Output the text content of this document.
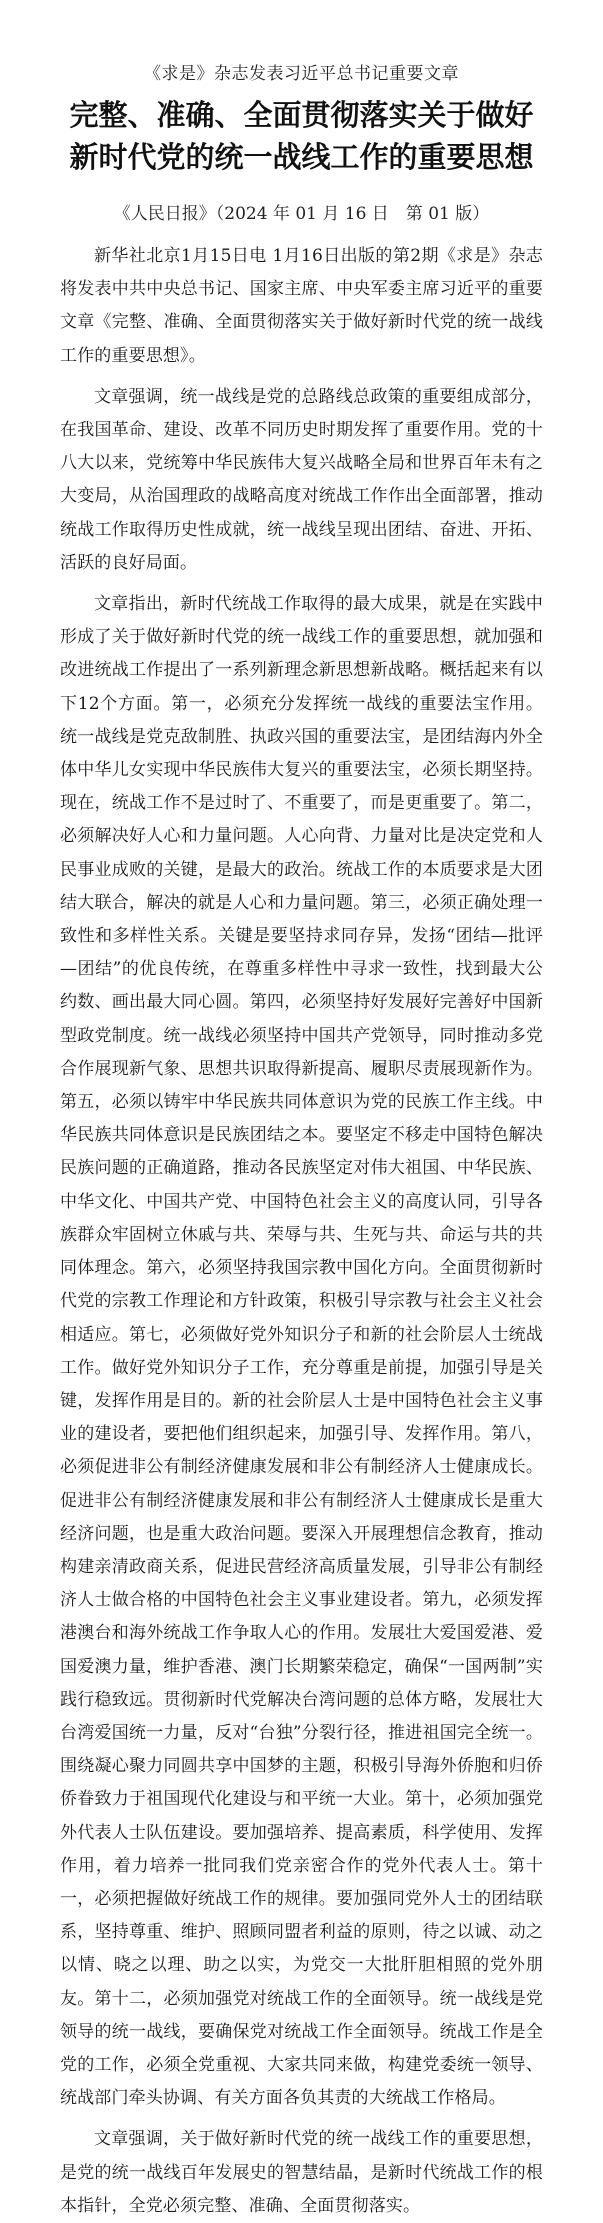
《求是》杂志发表习近平总书记重要文章
完整、准确、全面贯彻落实关于做好
新时代党的统一战线工作的重要思想
《人民日报》（2024 年 01 月 16 日　第 01 版）

新华社北京1月15日电 1月16日出版的第2期《求是》杂志将发表中共中央总书记、国家主席、中央军委主席习近平的重要文章《完整、准确、全面贯彻落实关于做好新时代党的统一战线工作的重要思想》。

文章强调，统一战线是党的总路线总政策的重要组成部分，在我国革命、建设、改革不同历史时期发挥了重要作用。党的十八大以来，党统筹中华民族伟大复兴战略全局和世界百年未有之大变局，从治国理政的战略高度对统战工作作出全面部署，推动统战工作取得历史性成就，统一战线呈现出团结、奋进、开拓、活跃的良好局面。

文章指出，新时代统战工作取得的最大成果，就是在实践中形成了关于做好新时代党的统一战线工作的重要思想，就加强和改进统战工作提出了一系列新理念新思想新战略。概括起来有以下12个方面。第一，必须充分发挥统一战线的重要法宝作用。统一战线是党克敌制胜、执政兴国的重要法宝，是团结海内外全体中华儿女实现中华民族伟大复兴的重要法宝，必须长期坚持。现在，统战工作不是过时了、不重要了，而是更重要了。第二，必须解决好人心和力量问题。人心向背、力量对比是决定党和人民事业成败的关键，是最大的政治。统战工作的本质要求是大团结大联合，解决的就是人心和力量问题。第三，必须正确处理一致性和多样性关系。关键是要坚持求同存异，发扬“团结—批评—团结”的优良传统，在尊重多样性中寻求一致性，找到最大公约数、画出最大同心圆。第四，必须坚持好发展好完善好中国新型政党制度。统一战线必须坚持中国共产党领导，同时推动多党合作展现新气象、思想共识取得新提高、履职尽责展现新作为。第五，必须以铸牢中华民族共同体意识为党的民族工作主线。中华民族共同体意识是民族团结之本。要坚定不移走中国特色解决民族问题的正确道路，推动各民族坚定对伟大祖国、中华民族、中华文化、中国共产党、中国特色社会主义的高度认同，引导各族群众牢固树立休戚与共、荣辱与共、生死与共、命运与共的共同体理念。第六，必须坚持我国宗教中国化方向。全面贯彻新时代党的宗教工作理论和方针政策，积极引导宗教与社会主义社会相适应。第七，必须做好党外知识分子和新的社会阶层人士统战工作。做好党外知识分子工作，充分尊重是前提，加强引导是关键，发挥作用是目的。新的社会阶层人士是中国特色社会主义事业的建设者，要把他们组织起来，加强引导、发挥作用。第八，必须促进非公有制经济健康发展和非公有制经济人士健康成长。促进非公有制经济健康发展和非公有制经济人士健康成长是重大经济问题，也是重大政治问题。要深入开展理想信念教育，推动构建亲清政商关系，促进民营经济高质量发展，引导非公有制经济人士做合格的中国特色社会主义事业建设者。第九，必须发挥港澳台和海外统战工作争取人心的作用。发展壮大爱国爱港、爱国爱澳力量，维护香港、澳门长期繁荣稳定，确保“一国两制”实践行稳致远。贯彻新时代党解决台湾问题的总体方略，发展壮大台湾爱国统一力量，反对“台独”分裂行径，推进祖国完全统一。围绕凝心聚力同圆共享中国梦的主题，积极引导海外侨胞和归侨侨眷致力于祖国现代化建设与和平统一大业。第十，必须加强党外代表人士队伍建设。要加强培养、提高素质，科学使用、发挥作用，着力培养一批同我们党亲密合作的党外代表人士。第十一，必须把握做好统战工作的规律。要加强同党外人士的团结联系，坚持尊重、维护、照顾同盟者利益的原则，待之以诚、动之以情、晓之以理、助之以实，为党交一大批肝胆相照的党外朋友。第十二，必须加强党对统战工作的全面领导。统一战线是党领导的统一战线，要确保党对统战工作全面领导。统战工作是全党的工作，必须全党重视、大家共同来做，构建党委统一领导、统战部门牵头协调、有关方面各负其责的大统战工作格局。

文章强调，关于做好新时代党的统一战线工作的重要思想，是党的统一战线百年发展史的智慧结晶，是新时代统战工作的根本指针，全党必须完整、准确、全面贯彻落实。
